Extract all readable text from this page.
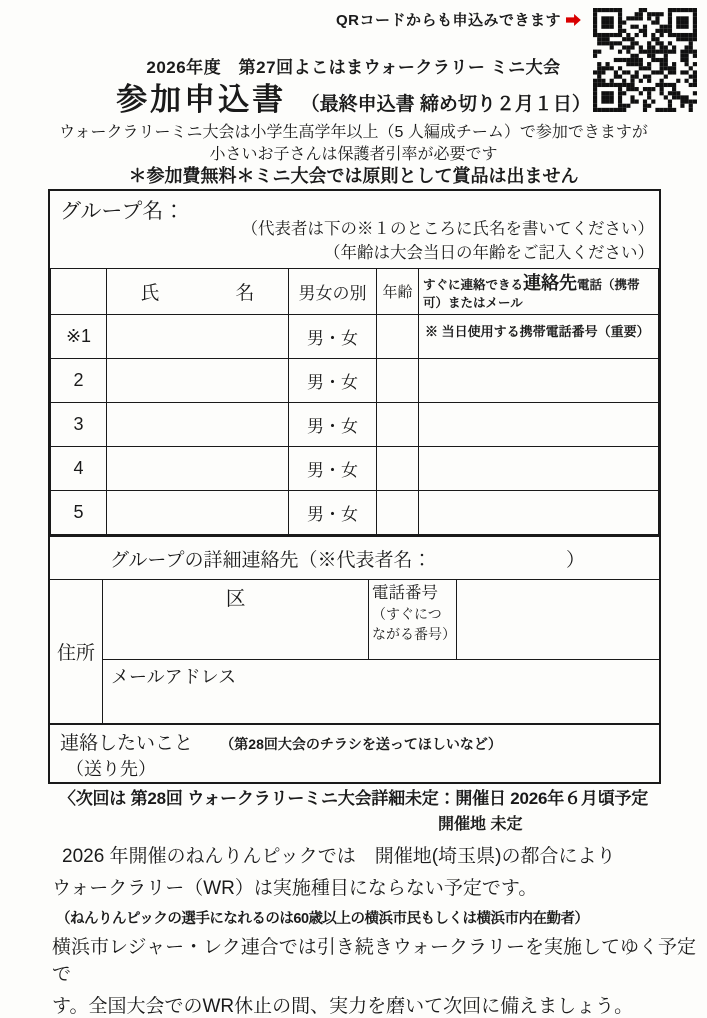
QRコードからも申込みできます
2026年度　第27回よこはまウォークラリー ミニ大会
参加申込書 （最終申込書 締め切り２月１日）
ウォークラリーミニ大会は小学生高学年以上（5 人編成チーム）で参加できますが
小さいお子さんは保護者引率が必要です
＊参加費無料＊ミニ大会では原則として賞品は出ません
グループ名：
（代表者は下の※１のところに氏名を書いてください）
（年齢は大会当日の年齢をご記入ください）
	氏　　　　名	男女の別	年齢	すぐに連絡できる連絡先電話（携帯可）またはメール
※1		男・女		※ 当日使用する携帯電話番号（重要）
2		男・女		
3		男・女		
4		男・女		
5		男・女		
グループの詳細連絡先（※代表者名：	）
住所
区	電話番号
（すぐにつながる番号）
メールアドレス
連絡したいこと （第28回大会のチラシを送ってほしいなど）
（送り先）
〈次回は 第28回 ウォークラリーミニ大会詳細未定：開催日 2026年６月頃予定
開催地 未定
2026 年開催のねんりんピックでは　開催地(埼玉県)の都合により
ウォークラリー（WR）は実施種目にならない予定です。
（ねんりんピックの選手になれるのは60歳以上の横浜市民もしくは横浜市内在勤者）
横浜市レジャー・レク連合では引き続きウォークラリーを実施してゆく予定で
す。全国大会でのWR休止の間、実力を磨いて次回に備えましょう。
